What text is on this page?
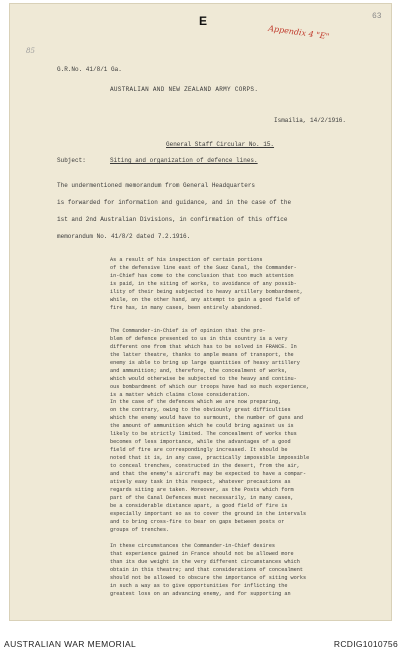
E	63
Appendix 4 "E"
85
G.R.No. 41/8/1 Ga.
AUSTRALIAN AND NEW ZEALAND ARMY CORPS.
Ismailia, 14/2/1916.
General Staff Circular No. 15.
Subject:	Siting and organization of defence lines.
The undermentioned memorandum from General Headquarters
is forwarded for information and guidance, and in the case of the
1st and 2nd Australian Divisions, in confirmation of this office
memorandum No. 41/8/2 dated 7.2.1916.
As a result of his inspection of certain portions
of the defensive line east of the Suez Canal, the Commander-
in-Chief has come to the conclusion that too much attention
is paid, in the siting of works, to avoidance of any possib-
ility of their being subjected to heavy artillery bombardment,
while, on the other hand, any attempt to gain a good field of
fire has, in many cases, been entirely abandoned.
The Commander-in-Chief is of opinion that the pro-
blem of defence presented to us in this country is a very
different one from that which has to be solved in FRANCE. In
the latter theatre, thanks to ample means of transport, the
enemy is able to bring up large quantities of heavy artillery
and ammunition; and, therefore, the concealment of works,
which would otherwise be subjected to the heavy and continu-
ous bombardment of which our troops have had so much experience,
is a matter which claims close consideration.
In the case of the defences which we are now preparing,
on the contrary, owing to the obviously great difficulties
which the enemy would have to surmount, the number of guns and
the amount of ammunition which he could bring against us is
likely to be strictly limited. The concealment of works thus
becomes of less importance, while the advantages of a good
field of fire are correspondingly increased. It should be
noted that it is, in any case, practically impossible impossible
to conceal trenches, constructed in the desert, from the air,
and that the enemy's aircraft may be expected to have a compar-
atively easy task in this respect, whatever precautions as
regards siting are taken. Moreover, as the Posts which form
part of the Canal Defences must necessarily, in many cases,
be a considerable distance apart, a good field of fire is
especially important so as to cover the ground in the intervals
and to bring cross-fire to bear on gaps between posts or
groups of trenches.
In these circumstances the Commander-in-Chief desires
that experience gained in France should not be allowed more
than its due weight in the very different circumstances which
obtain in this theatre; and that considerations of concealment
should not be allowed to obscure the importance of siting works
in such a way as to give opportunities for inflicting the
greatest loss on an advancing enemy, and for supporting an
AUSTRALIAN WAR MEMORIAL	RCDIG1010756
